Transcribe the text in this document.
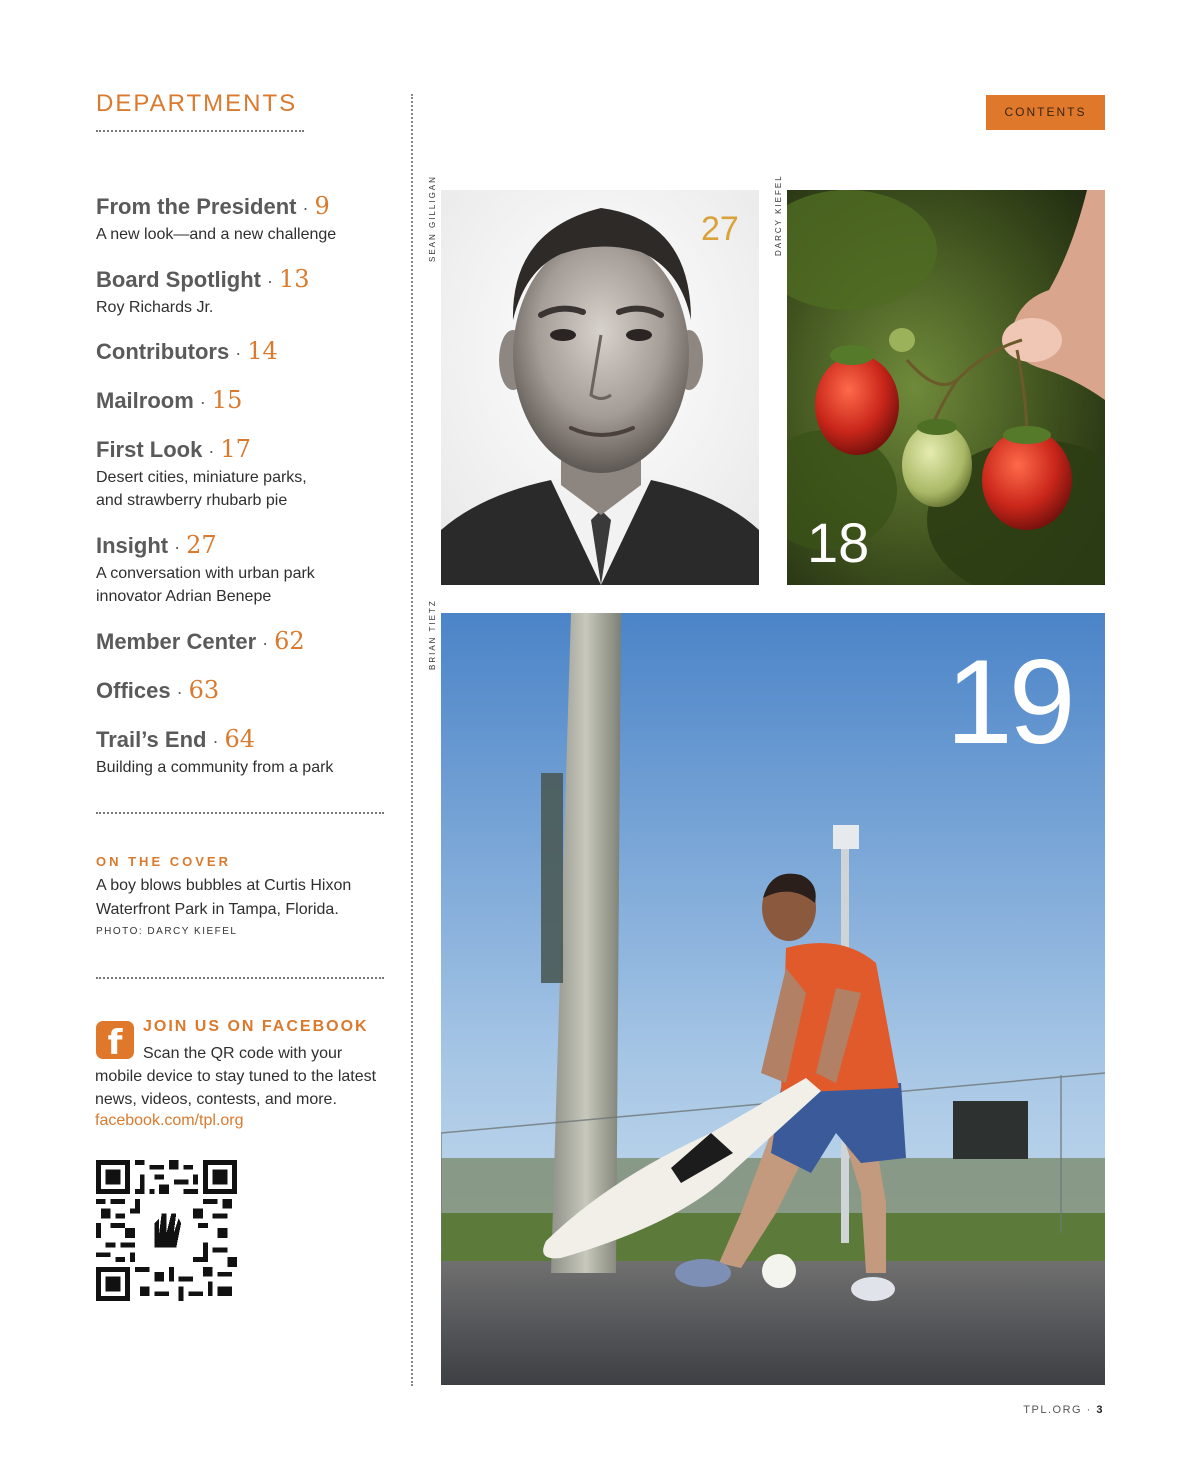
DEPARTMENTS
From the President · 9
A new look—and a new challenge
Board Spotlight · 13
Roy Richards Jr.
Contributors · 14
Mailroom · 15
First Look · 17
Desert cities, miniature parks,
and strawberry rhubarb pie
Insight · 27
A conversation with urban park
innovator Adrian Benepe
Member Center · 62
Offices · 63
Trail’s End · 64
Building a community from a park
ON THE COVER
A boy blows bubbles at Curtis Hixon Waterfront Park in Tampa, Florida.
PHOTO: DARCY KIEFEL
f	JOIN US ON FACEBOOK
Scan the QR code with your
mobile device to stay tuned to the latest news, videos, contests, and more.
facebook.com/tpl.org
CONTENTS
SEAN GILLIGAN	DARCY KIEFEL
BRIAN TIETZ
27
18
19
TPL.ORG · 3
